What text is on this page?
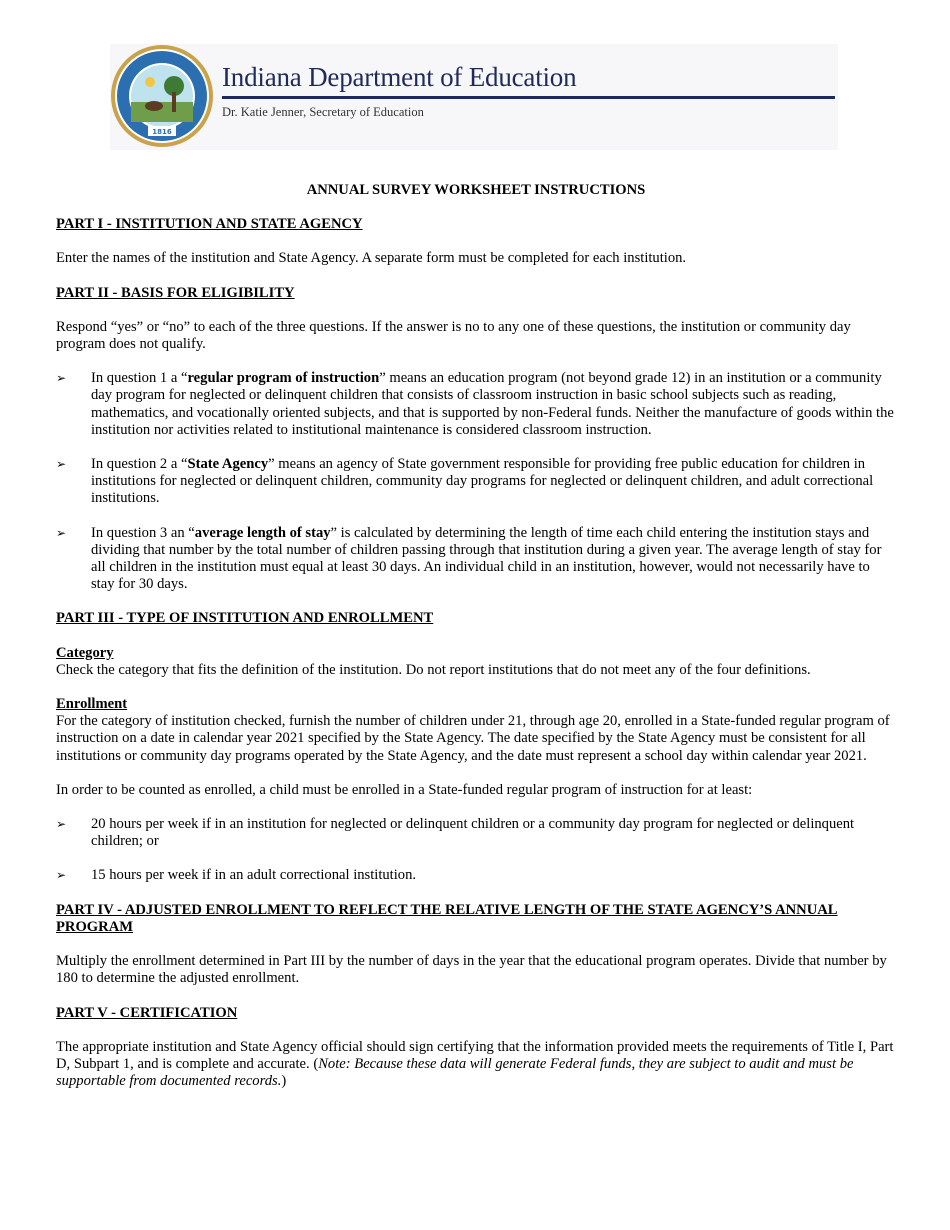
1816
Indiana Department of Education
Dr. Katie Jenner, Secretary of Education
ANNUAL SURVEY WORKSHEET INSTRUCTIONS
PART I - INSTITUTION AND STATE AGENCY

Enter the names of the institution and State Agency. A separate form must be completed for each institution.

PART II - BASIS FOR ELIGIBILITY

Respond “yes” or “no” to each of the three questions. If the answer is no to any one of these questions, the institution or community day program does not qualify.

➢ In question 1 a “regular program of instruction” means an education program (not beyond grade 12) in an institution or a community day program for neglected or delinquent children that consists of classroom instruction in basic school subjects such as reading, mathematics, and vocationally oriented subjects, and that is supported by non-Federal funds. Neither the manufacture of goods within the institution nor activities related to institutional maintenance is considered classroom instruction.
➢ In question 2 a “State Agency” means an agency of State government responsible for providing free public education for children in institutions for neglected or delinquent children, community day programs for neglected or delinquent children, and adult correctional institutions.
➢ In question 3 an “average length of stay” is calculated by determining the length of time each child entering the institution stays and dividing that number by the total number of children passing through that institution during a given year. The average length of stay for all children in the institution must equal at least 30 days. An individual child in an institution, however, would not necessarily have to stay for 30 days.
PART III - TYPE OF INSTITUTION AND ENROLLMENT
Category

Check the category that fits the definition of the institution. Do not report institutions that do not meet any of the four definitions.

Enrollment

For the category of institution checked, furnish the number of children under 21, through age 20, enrolled in a State-funded regular program of instruction on a date in calendar year 2021 specified by the State Agency. The date specified by the State Agency must be consistent for all institutions or community day programs operated by the State Agency, and the date must represent a school day within calendar year 2021.

In order to be counted as enrolled, a child must be enrolled in a State-funded regular program of instruction for at least:

➢ 20 hours per week if in an institution for neglected or delinquent children or a community day program for neglected or delinquent children; or
➢ 15 hours per week if in an adult correctional institution.
PART IV - ADJUSTED ENROLLMENT TO REFLECT THE RELATIVE LENGTH OF THE STATE AGENCY’S ANNUAL PROGRAM

Multiply the enrollment determined in Part III by the number of days in the year that the educational program operates. Divide that number by 180 to determine the adjusted enrollment.

PART V - CERTIFICATION

The appropriate institution and State Agency official should sign certifying that the information provided meets the requirements of Title I, Part D, Subpart 1, and is complete and accurate. (Note: Because these data will generate Federal funds, they are subject to audit and must be supportable from documented records.)
